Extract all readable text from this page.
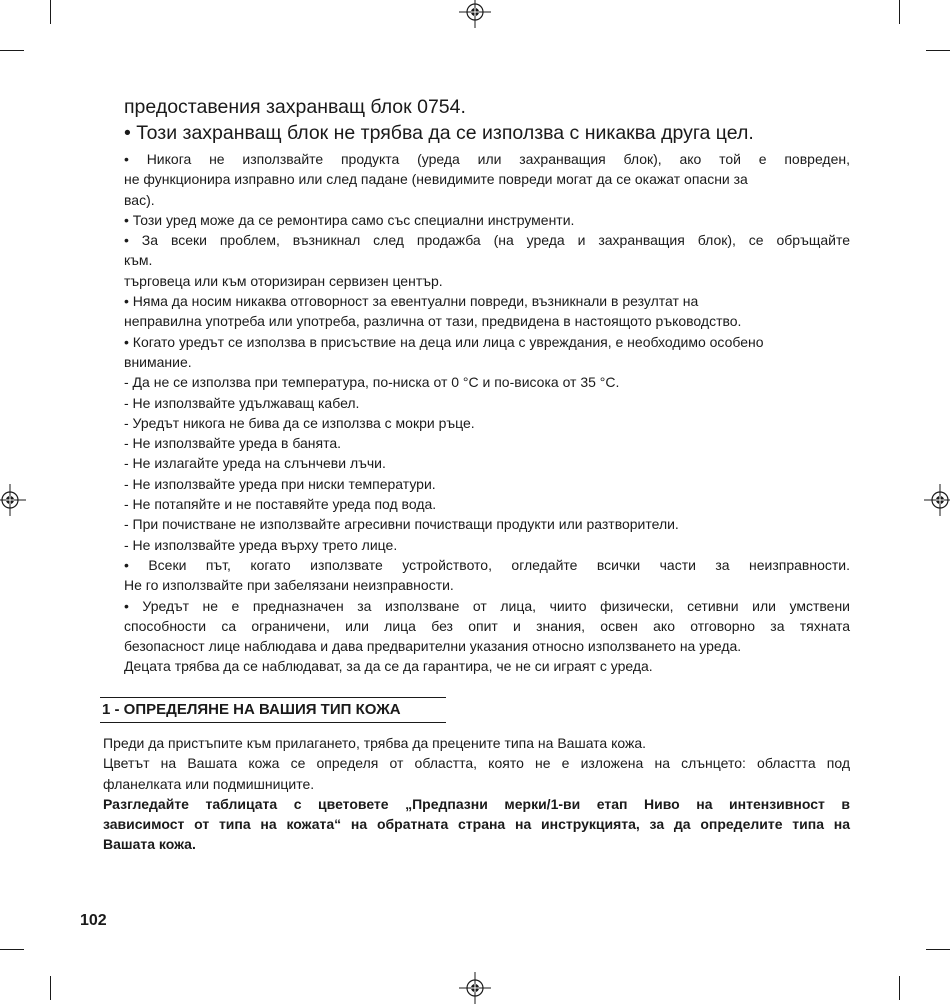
предоставения захранващ блок 0754.

• Този захранващ блок не трябва да се използва с никаква друга цел.

• Никога не използвайте продукта (уреда или захранващия блок), ако той е повреден,

не функционира изправно или след падане (невидимите повреди могат да се окажат опасни за

вас).

• Този уред може да се ремонтира само със специални инструменти.

• За всеки проблем, възникнал след продажба (на уреда и захранващия блок), се обръщайте

към.

търговеца или към оторизиран сервизен център.

• Няма да носим никаква отговорност за евентуални повреди, възникнали в резултат на

неправилна употреба или употреба, различна от тази, предвидена в настоящото ръководство.

• Когато уредът се използва в присъствие на деца или лица с увреждания, е необходимо особено

внимание.

- Да не се използва при температура, по-ниска от 0 °C и по-висока от 35 °C.

- Не използвайте удължаващ кабел.

- Уредът никога не бива да се използва с мокри ръце.

- Не използвайте уреда в банята.

- Не излагайте уреда на слънчеви лъчи.

- Не използвайте уреда при ниски температури.

- Не потапяйте и не поставяйте уреда под вода.

- При почистване не използвайте агресивни почистващи продукти или разтворители.

- Не използвайте уреда върху трето лице.

• Всеки път, когато използвате устройството, огледайте всички части за неизправности.

Не го използвайте при забелязани неизправности.

• Уредът не е предназначен за използване от лица, чиито физически, сетивни или умствени

способности са ограничени, или лица без опит и знания, освен ако отговорно за тяхната

безопасност лице наблюдава и дава предварителни указания относно използването на уреда.

Децата трябва да се наблюдават, за да се да гарантира, че не си играят с уреда.

1 - ОПРЕДЕЛЯНЕ НА ВАШИЯ ТИП КОЖА

Преди да пристъпите към прилагането, трябва да прецените типа на Вашата кожа.

Цветът на Вашата кожа се определя от областта, която не е изложена на слънцето: областта под

фланелката или подмишниците.

Разгледайте таблицата с цветовете „Предпазни мерки/1-ви етап Ниво на интензивност в

зависимост от типа на кожата“ на обратната страна на инструкцията, за да определите типа на

Вашата кожа.

102
